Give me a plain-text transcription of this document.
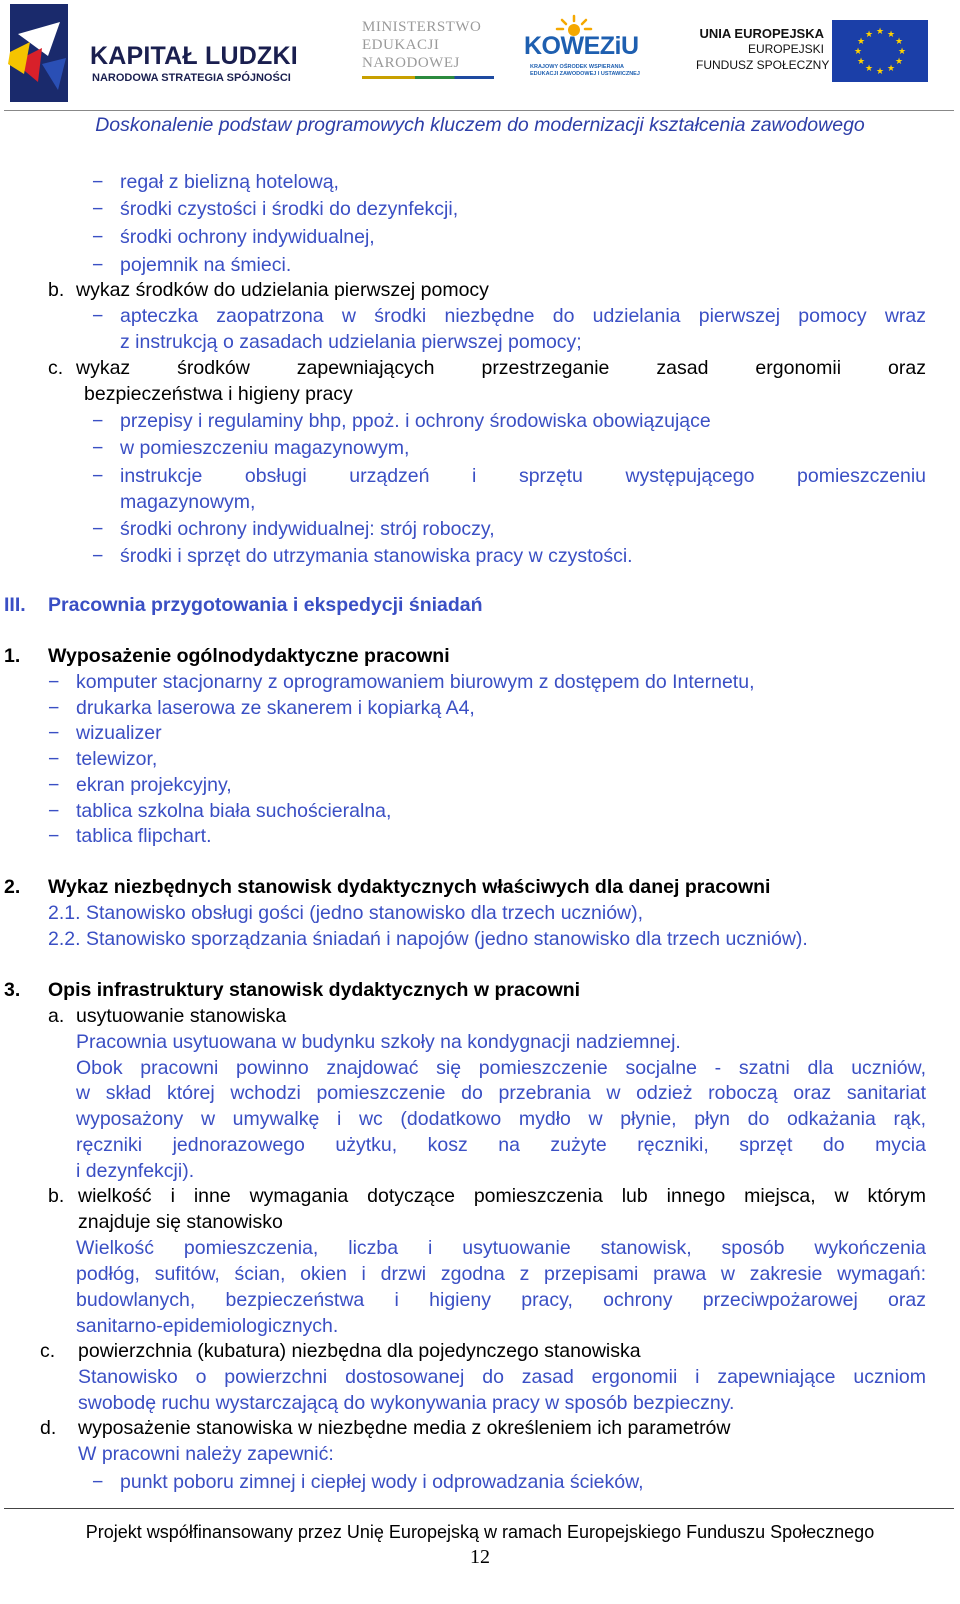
KAPITAŁ LUDZKI
NARODOWA STRATEGIA SPÓJNOŚCI
MINISTERSTWO
EDUKACJI
NARODOWEJ
KOWEZiU
KRAJOWY OŚRODEK WSPIERANIA
EDUKACJI ZAWODOWEJ I USTAWICZNEJ
UNIA EUROPEJSKA
EUROPEJSKI
FUNDUSZ SPOŁECZNY
★ ★
★
★
★
★
★
★
★
★
★
★
Doskonalenie podstaw programowych kluczem do modernizacji kształcenia zawodowego
− regał z bielizną hotelową,
− środki czystości i środki do dezynfekcji,
− środki ochrony indywidualnej,
− pojemnik na śmieci.
b. wykaz środków do udzielania pierwszej pomocy
− apteczka zaopatrzona w środki niezbędne do udzielania pierwszej pomocy wraz
z instrukcją o zasadach udzielania pierwszej pomocy;
c. wykaz środków zapewniających przestrzeganie zasad ergonomii oraz
bezpieczeństwa i higieny pracy
− przepisy i regulaminy bhp, ppoż. i ochrony środowiska obowiązujące
− w pomieszczeniu magazynowym,
− instrukcje obsługi urządzeń i sprzętu występującego pomieszczeniu
magazynowym,
− środki ochrony indywidualnej: strój roboczy,
− środki i sprzęt do utrzymania stanowiska pracy w czystości.
III. Pracownia przygotowania i ekspedycji śniadań
1. Wyposażenie ogólnodydaktyczne pracowni
− komputer stacjonarny z oprogramowaniem biurowym z dostępem do Internetu,
− drukarka laserowa ze skanerem i kopiarką A4,
− wizualizer
− telewizor,
− ekran projekcyjny,
− tablica szkolna biała suchościeralna,
− tablica flipchart.
2. Wykaz niezbędnych stanowisk dydaktycznych właściwych dla danej pracowni
2.1. Stanowisko obsługi gości (jedno stanowisko dla trzech uczniów),
2.2. Stanowisko sporządzania śniadań i napojów (jedno stanowisko dla trzech uczniów).
3. Opis infrastruktury stanowisk dydaktycznych w pracowni
a. usytuowanie stanowiska
Pracownia usytuowana w budynku szkoły na kondygnacji nadziemnej.
Obok pracowni powinno znajdować się pomieszczenie socjalne - szatni dla uczniów,
w skład której wchodzi pomieszczenie do przebrania w odzież roboczą oraz sanitariat
wyposażony w umywalkę i wc (dodatkowo mydło w płynie, płyn do odkażania rąk,
ręczniki jednorazowego użytku, kosz na zużyte ręczniki, sprzęt do mycia
i dezynfekcji).
b. wielkość i inne wymagania dotyczące pomieszczenia lub innego miejsca, w którym
znajduje się stanowisko
Wielkość pomieszczenia, liczba i usytuowanie stanowisk, sposób wykończenia
podłóg, sufitów, ścian, okien i drzwi zgodna z przepisami prawa w zakresie wymagań:
budowlanych, bezpieczeństwa i higieny pracy, ochrony przeciwpożarowej oraz
sanitarno-epidemiologicznych.
c. powierzchnia (kubatura) niezbędna dla pojedynczego stanowiska
Stanowisko o powierzchni dostosowanej do zasad ergonomii i zapewniające uczniom
swobodę ruchu wystarczającą do wykonywania pracy w sposób bezpieczny.
d. wyposażenie stanowiska w niezbędne media z określeniem ich parametrów
W pracowni należy zapewnić:
− punkt poboru zimnej i ciepłej wody i odprowadzania ścieków,
Projekt współfinansowany przez Unię Europejską w ramach Europejskiego Funduszu Społecznego
12
